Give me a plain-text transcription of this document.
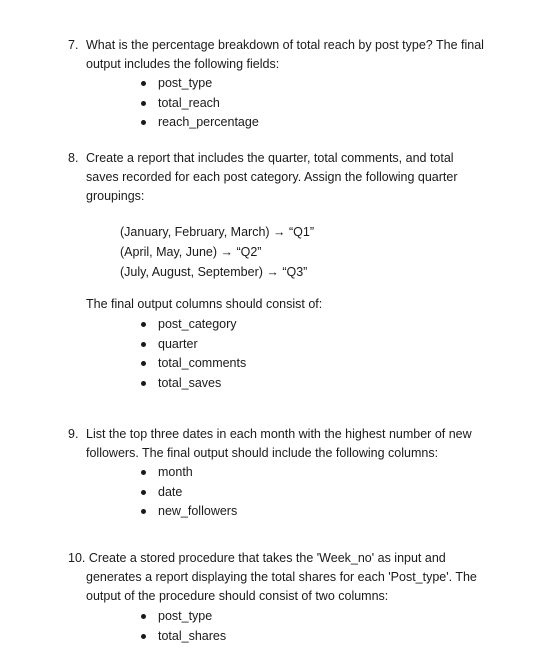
7. What is the percentage breakdown of total reach by post type? The final
output includes the following fields:
post_type
total_reach
reach_percentage
8. Create a report that includes the quarter, total comments, and total
saves recorded for each post category. Assign the following quarter
groupings:
(January, February, March) → “Q1”
(April, May, June) → “Q2”
(July, August, September) → “Q3”
The final output columns should consist of:
post_category
quarter
total_comments
total_saves
9. List the top three dates in each month with the highest number of new
followers. The final output should include the following columns:
month
date
new_followers
10. Create a stored procedure that takes the 'Week_no' as input and
generates a report displaying the total shares for each 'Post_type'. The
output of the procedure should consist of two columns:
post_type
total_shares
